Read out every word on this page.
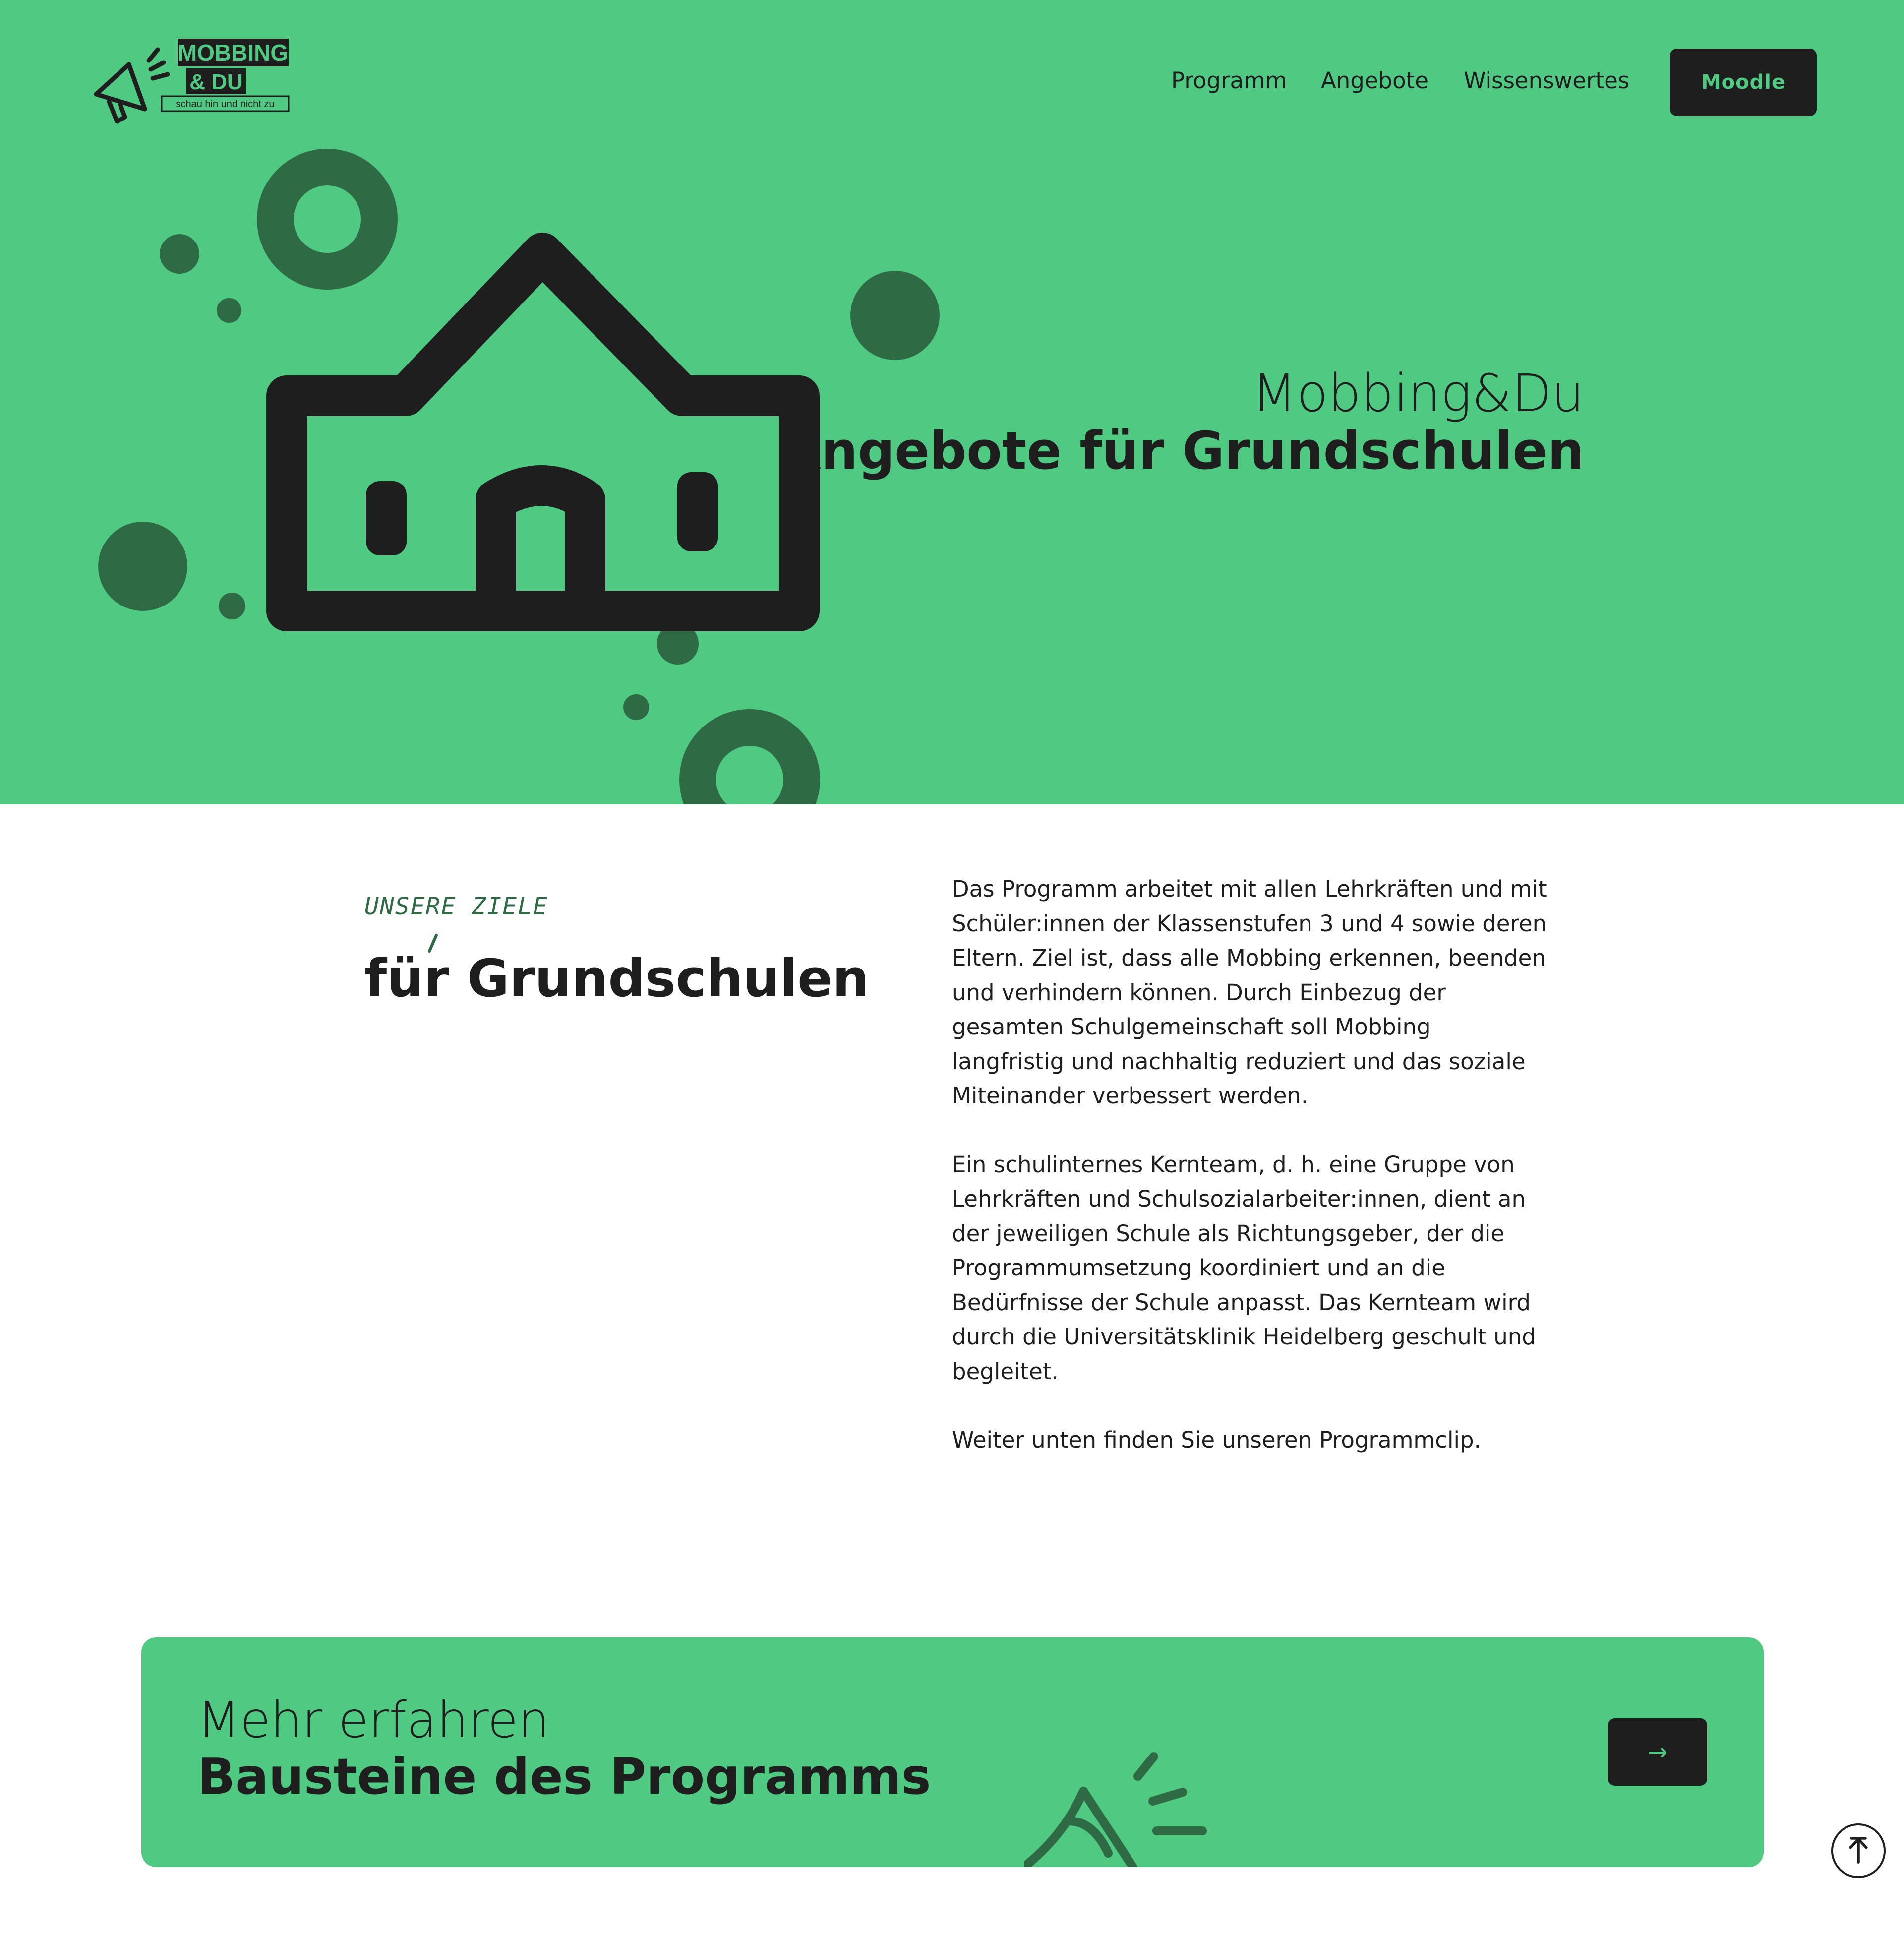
MOBBING
& DU
schau hin und nicht zu
Programm Angebote Wissenswertes	Moodle
Mobbing&Du
Angebote für Grundschulen
UNSERE ZIELE
für Grundschulen

Das Programm arbeitet mit allen Lehrkräften und mit Schüler:innen der Klassenstufen 3 und 4 sowie deren Eltern. Ziel ist, dass alle Mobbing erkennen, beenden und verhindern können. Durch Einbezug der gesamten Schulgemeinschaft soll Mobbing langfristig und nachhaltig reduziert und das soziale Miteinander verbessert werden.

Ein schulinternes Kernteam, d. h. eine Gruppe von Lehrkräften und Schulsozialarbeiter:innen, dient an der jeweiligen Schule als Richtungsgeber, der die Programmumsetzung koordiniert und an die Bedürfnisse der Schule anpasst. Das Kernteam wird durch die Universitätsklinik Heidelberg geschult und begleitet.

Weiter unten finden Sie unseren Programmclip.

Mehr erfahren
Bausteine des Programms	→
